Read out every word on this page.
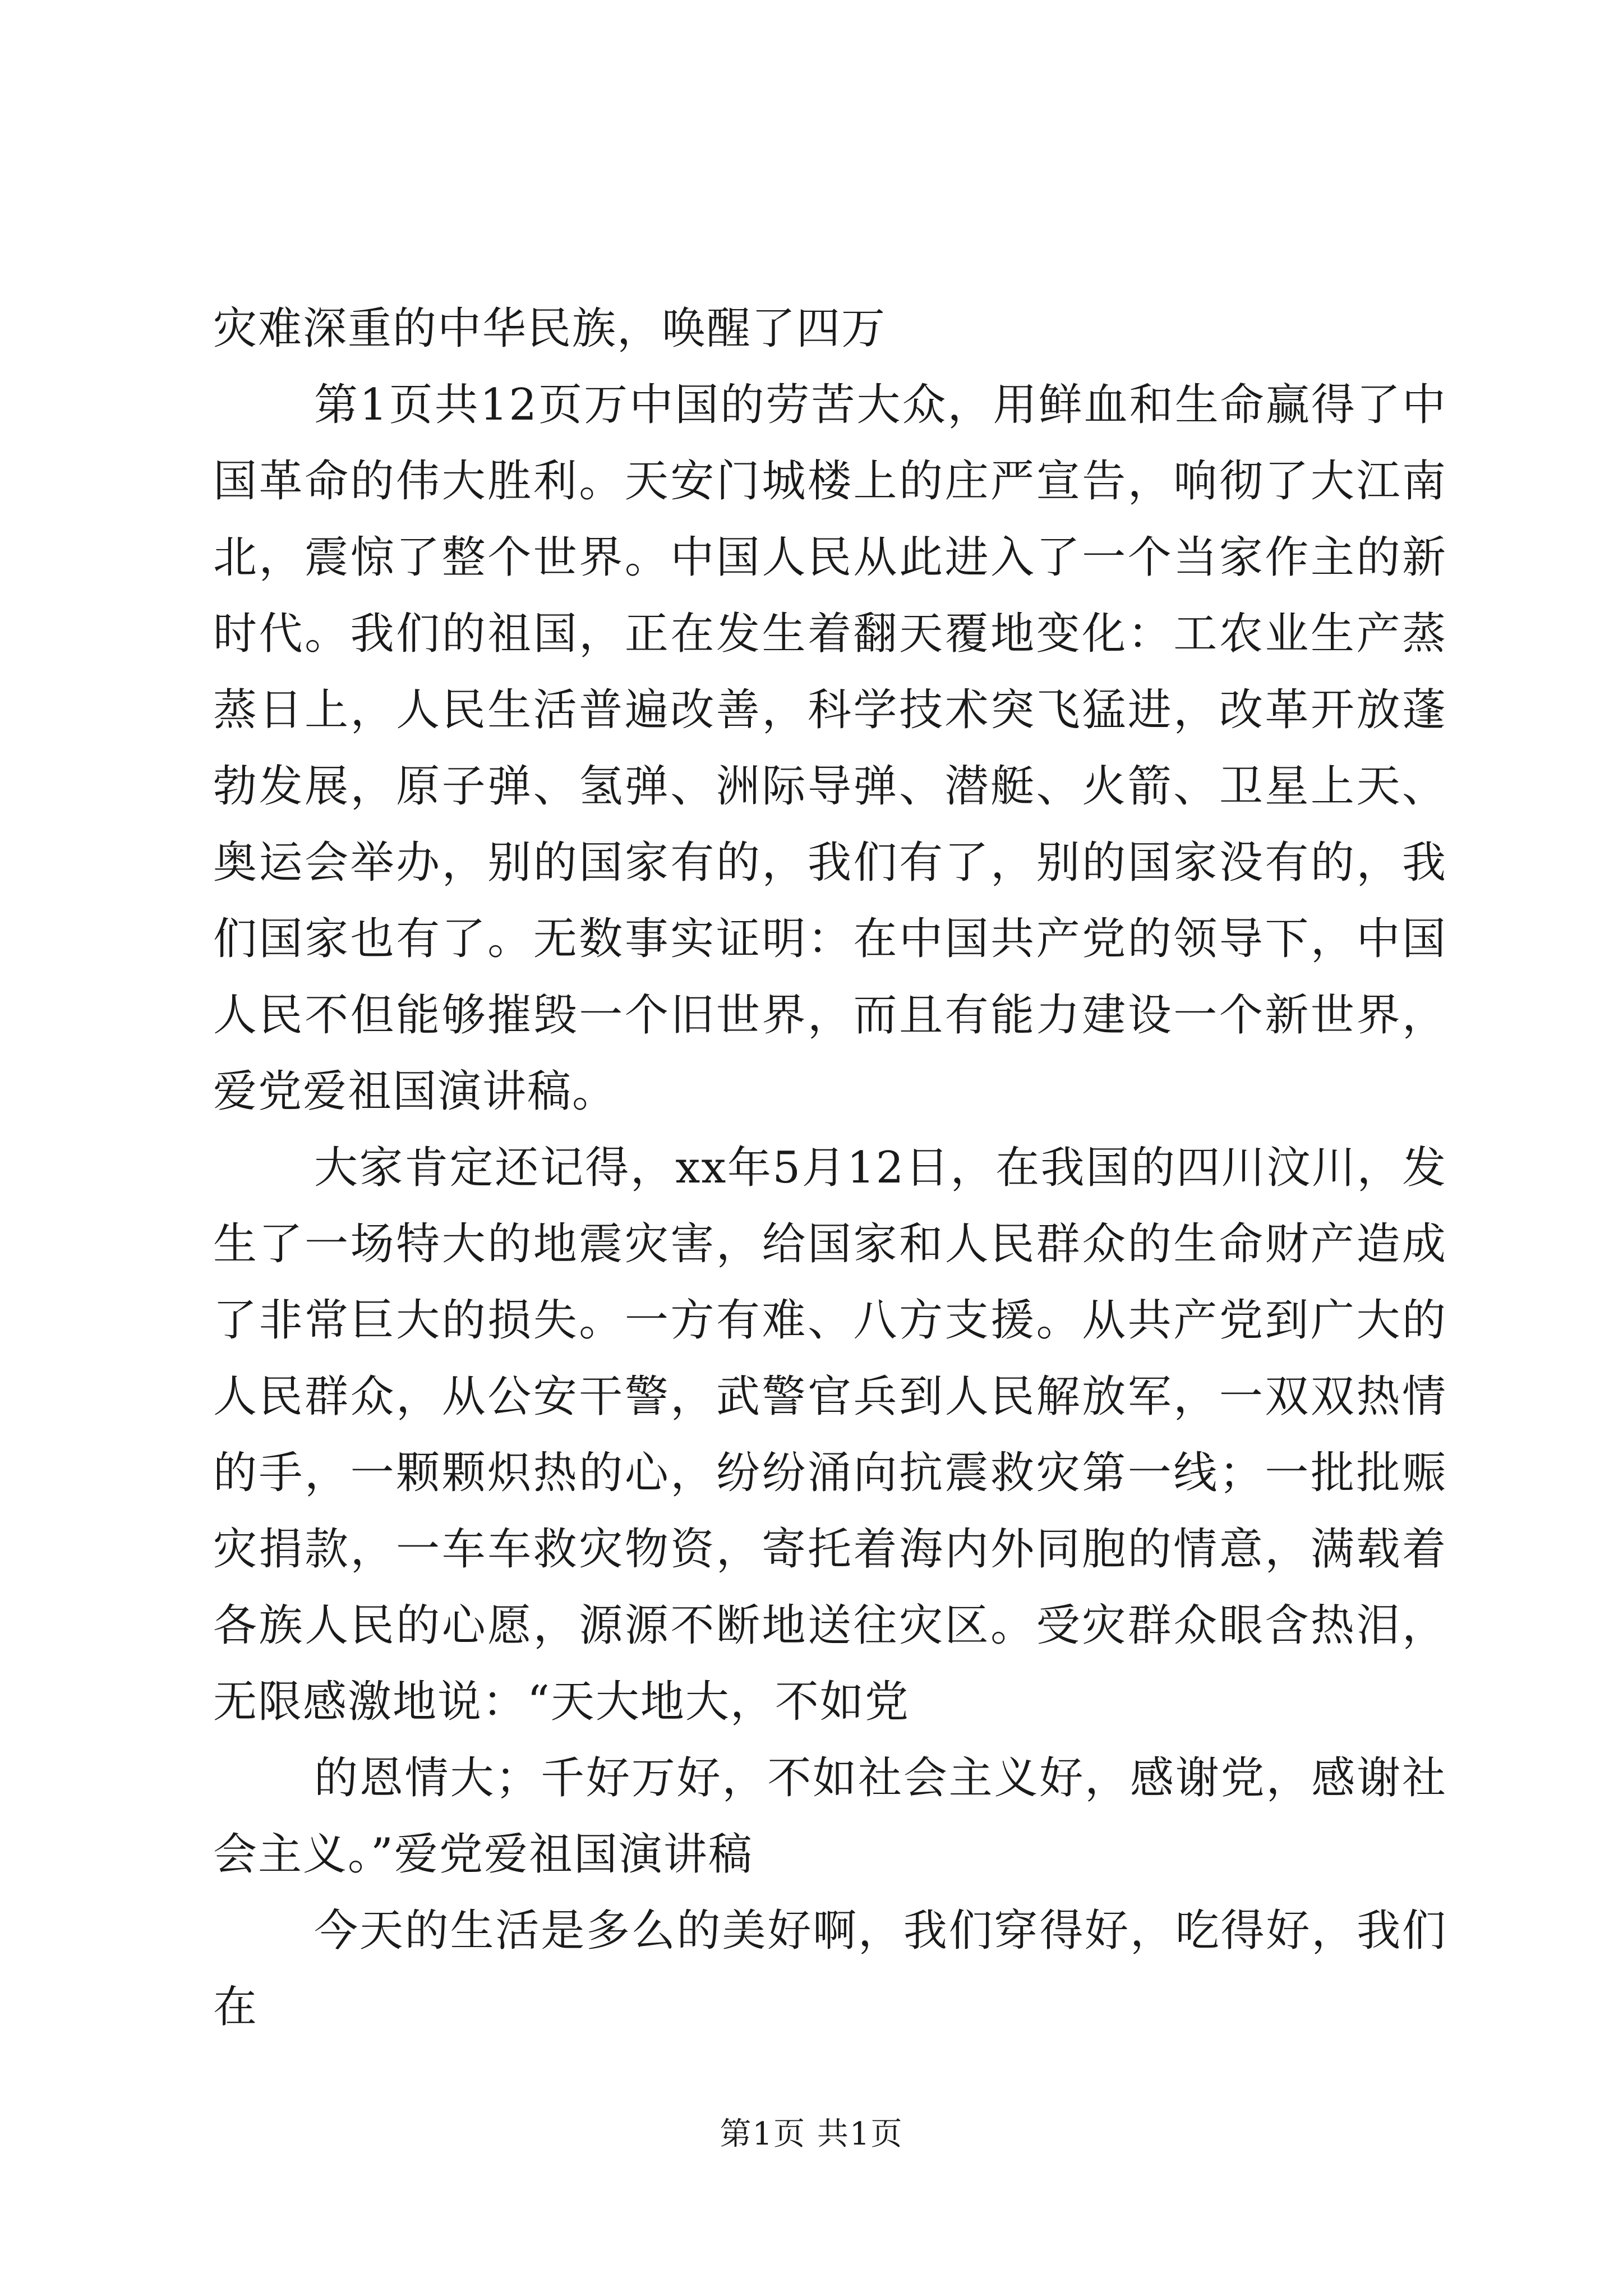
灾难深重的中华民族，唤醒了四万

第1页共12页万中国的劳苦大众，用鲜血和生命赢得了中国革命的伟大胜利。天安门城楼上的庄严宣告，响彻了大江南北，震惊了整个世界。中国人民从此进入了一个当家作主的新时代。我们的祖国，正在发生着翻天覆地变化：工农业生产蒸蒸日上，人民生活普遍改善，科学技术突飞猛进，改革开放蓬勃发展，原子弹、氢弹、洲际导弹、潜艇、火箭、卫星上天、奥运会举办，别的国家有的，我们有了，别的国家没有的，我们国家也有了。无数事实证明：在中国共产党的领导下，中国人民不但能够摧毁一个旧世界，而且有能力建设一个新世界，爱党爱祖国演讲稿。

大家肯定还记得，xx年5月12日，在我国的四川汶川，发生了一场特大的地震灾害，给国家和人民群众的生命财产造成了非常巨大的损失。一方有难、八方支援。从共产党到广大的人民群众，从公安干警，武警官兵到人民解放军，一双双热情的手，一颗颗炽热的心，纷纷涌向抗震救灾第一线；一批批赈灾捐款，一车车救灾物资，寄托着海内外同胞的情意，满载着各族人民的心愿，源源不断地送往灾区。受灾群众眼含热泪，无限感激地说：“天大地大，不如党

的恩情大；千好万好，不如社会主义好，感谢党，感谢社会主义。”爱党爱祖国演讲稿

今天的生活是多么的美好啊，我们穿得好，吃得好，我们在

第1页 共1页
